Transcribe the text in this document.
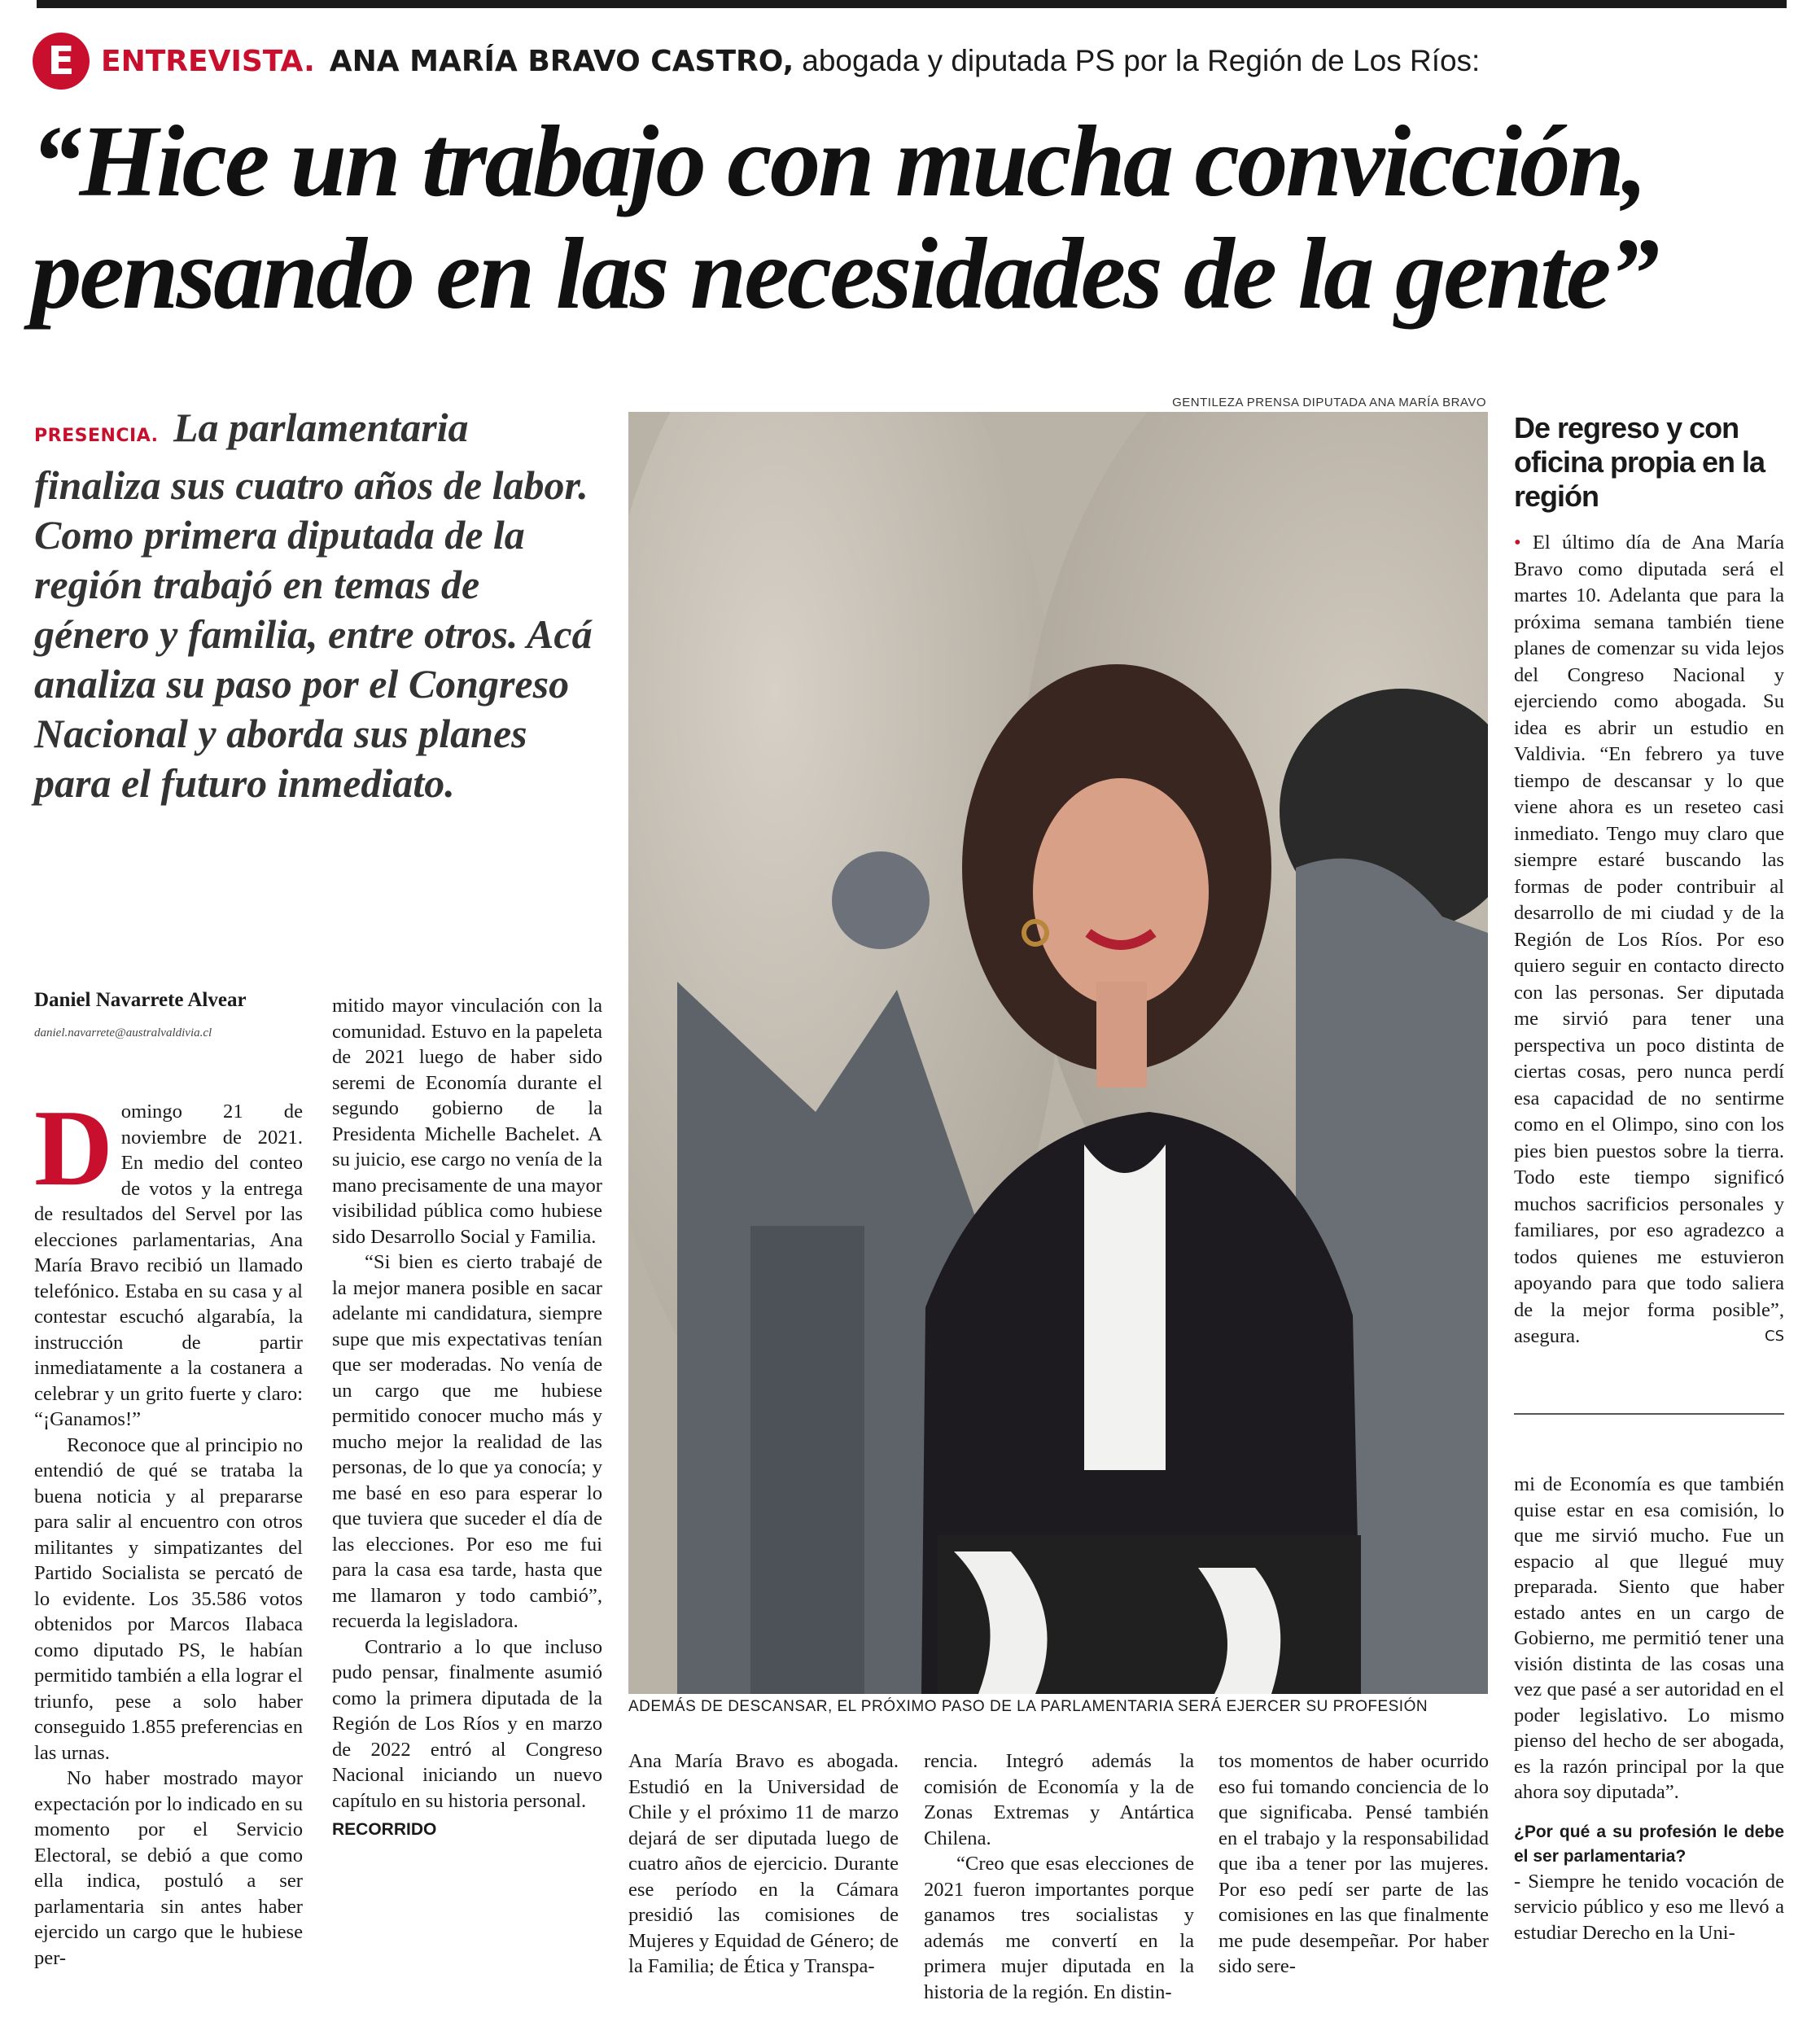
E ENTREVISTA. ANA MARÍA BRAVO CASTRO, abogada y diputada PS por la Región de Los Ríos:
“Hice un trabajo con mucha convicción,
pensando en las necesidades de la gente”
PRESENCIA. La parlamentaria finaliza sus cuatro años de labor. Como primera diputada de la región trabajó en temas de género y familia, entre otros. Acá analiza su paso por el Congreso Nacional y aborda sus planes para el futuro inmediato.
GENTILEZA PRENSA DIPUTADA ANA MARÍA BRAVO
ADEMÁS DE DESCANSAR, EL PRÓXIMO PASO DE LA PARLAMENTARIA SERÁ EJERCER SU PROFESIÓN
Daniel Navarrete Alvear
daniel.navarrete@australvaldivia.cl

Domingo 21 de noviembre de 2021. En medio del conteo de votos y la entrega de resultados del Servel por las elecciones parlamentarias, Ana María Bravo recibió un llamado telefónico. Estaba en su casa y al contestar escuchó algarabía, la instrucción de partir inmediatamente a la costanera a celebrar y un grito fuerte y claro: “¡Ganamos!”

Reconoce que al principio no entendió de qué se trataba la buena noticia y al prepararse para salir al encuentro con otros militantes y simpatizantes del Partido Socialista se percató de lo evidente. Los 35.586 votos obtenidos por Marcos Ilabaca como diputado PS, le habían permitido también a ella lograr el triunfo, pese a solo haber conseguido 1.855 preferencias en las urnas.

No haber mostrado mayor expectación por lo indicado en su momento por el Servicio Electoral, se debió a que como ella indica, postuló a ser parlamentaria sin antes haber ejercido un cargo que le hubiese per-

mitido mayor vinculación con la comunidad. Estuvo en la papeleta de 2021 luego de haber sido seremi de Economía durante el segundo gobierno de la Presidenta Michelle Bachelet. A su juicio, ese cargo no venía de la mano precisamente de una mayor visibilidad pública como hubiese sido Desarrollo Social y Familia.

“Si bien es cierto trabajé de la mejor manera posible en sacar adelante mi candidatura, siempre supe que mis expectativas tenían que ser moderadas. No venía de un cargo que me hubiese permitido conocer mucho más y mucho mejor la realidad de las personas, de lo que ya conocía; y me basé en eso para esperar lo que tuviera que suceder el día de las elecciones. Por eso me fui para la casa esa tarde, hasta que me llamaron y todo cambió”, recuerda la legisladora.

Contrario a lo que incluso pudo pensar, finalmente asumió como la primera diputada de la Región de Los Ríos y en marzo de 2022 entró al Congreso Nacional iniciando un nuevo capítulo en su historia personal.

RECORRIDO

Ana María Bravo es abogada. Estudió en la Universidad de Chile y el próximo 11 de marzo dejará de ser diputada luego de cuatro años de ejercicio. Durante ese período en la Cámara presidió las comisiones de Mujeres y Equidad de Género; de la Familia; de Ética y Transpa-

rencia. Integró además la comisión de Economía y la de Zonas Extremas y Antártica Chilena.

“Creo que esas elecciones de 2021 fueron importantes porque ganamos tres socialistas y además me convertí en la primera mujer diputada en la historia de la región. En distin-

tos momentos de haber ocurrido eso fui tomando conciencia de lo que significaba. Pensé también en el trabajo y la responsabilidad que iba a tener por las mujeres. Por eso pedí ser parte de las comisiones en las que finalmente me pude desempeñar. Por haber sido sere-

De regreso y con oficina propia en la región
• El último día de Ana María Bravo como diputada será el martes 10. Adelanta que para la próxima semana también tiene planes de comenzar su vida lejos del Congreso Nacional y ejerciendo como abogada. Su idea es abrir un estudio en Valdivia. “En febrero ya tuve tiempo de descansar y lo que viene ahora es un reseteo casi inmediato. Tengo muy claro que siempre estaré buscando las formas de poder contribuir al desarrollo de mi ciudad y de la Región de Los Ríos. Por eso quiero seguir en contacto directo con las personas. Ser diputada me sirvió para tener una perspectiva un poco distinta de ciertas cosas, pero nunca perdí esa capacidad de no sentirme como en el Olimpo, sino con los pies bien puestos sobre la tierra. Todo este tiempo significó muchos sacrificios personales y familiares, por eso agradezco a todos quienes me estuvieron apoyando para que todo saliera de la mejor forma posible”, asegura.	CS

mi de Economía es que también quise estar en esa comisión, lo que me sirvió mucho. Fue un espacio al que llegué muy preparada. Siento que haber estado antes en un cargo de Gobierno, me permitió tener una visión distinta de las cosas una vez que pasé a ser autoridad en el poder legislativo. Lo mismo pienso del hecho de ser abogada, es la razón principal por la que ahora soy diputada”.

¿Por qué a su profesión le debe el ser parlamentaria?

- Siempre he tenido vocación de servicio público y eso me llevó a estudiar Derecho en la Uni-
